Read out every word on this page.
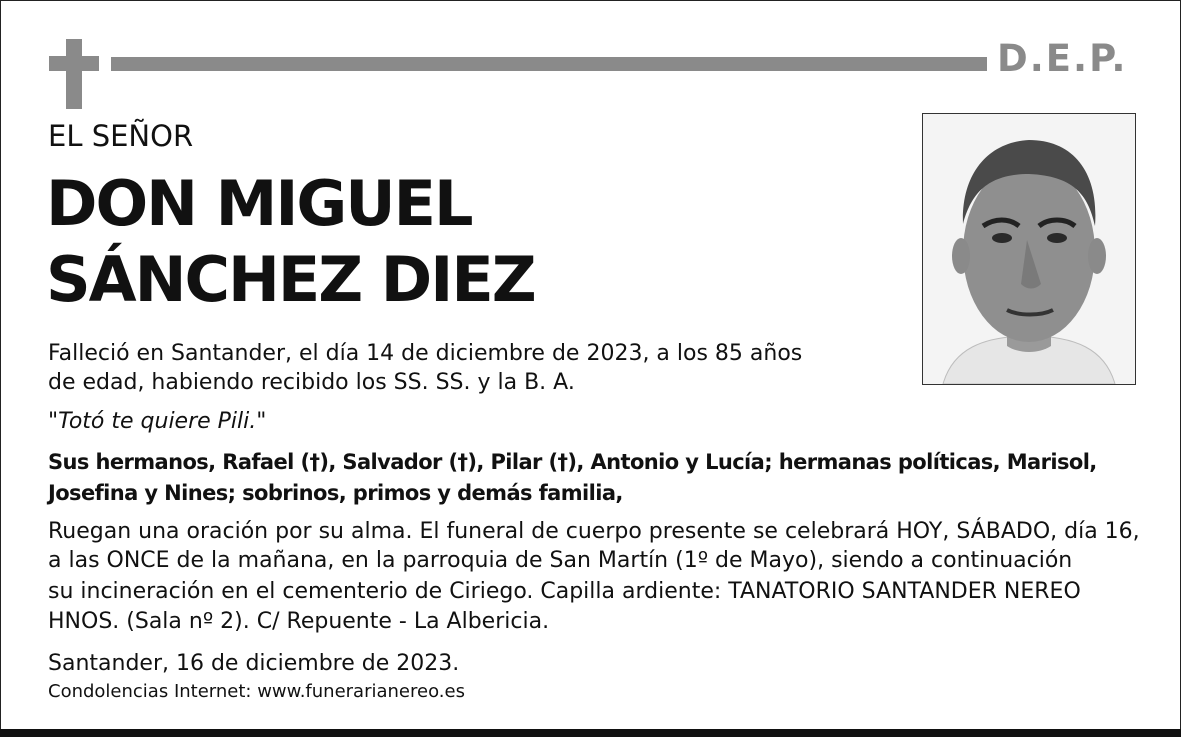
D.E.P.
EL SEÑOR
DON MIGUEL
SÁNCHEZ DIEZ
Falleció en Santander, el día 14 de diciembre de 2023, a los 85 años
de edad, habiendo recibido los SS. SS. y la B. A.
"Totó te quiere Pili."
Sus hermanos, Rafael (†), Salvador (†), Pilar (†), Antonio y Lucía; hermanas políticas, Marisol,
Josefina y Nines; sobrinos, primos y demás familia,
Ruegan una oración por su alma. El funeral de cuerpo presente se celebrará HOY, SÁBADO, día 16,
a las ONCE de la mañana, en la parroquia de San Martín (1º de Mayo), siendo a continuación
su incineración en el cementerio de Ciriego. Capilla ardiente: TANATORIO SANTANDER NEREO
HNOS. (Sala nº 2). C/ Repuente - La Albericia.
Santander, 16 de diciembre de 2023.
Condolencias Internet: www.funerarianereo.es
